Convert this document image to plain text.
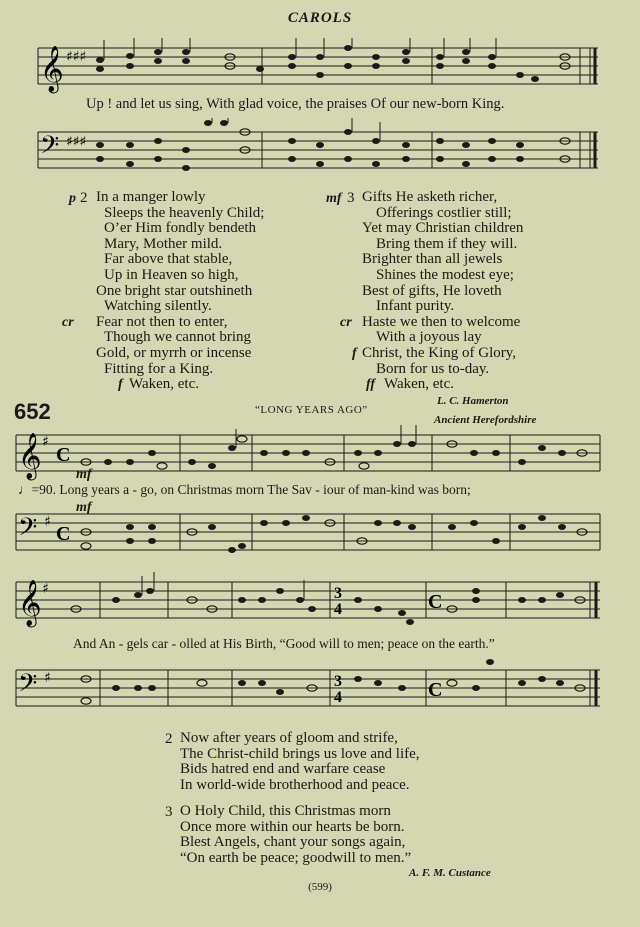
CAROLS
𝄞 ♯♯♯
Up ! and let us sing, With glad voice, the praises Of our new-born King.
𝄢 ♯♯♯
p 2 In a manger lowly
Sleeps the heavenly Child;
O’er Him fondly bendeth
Mary, Mother mild.
Far above that stable,
Up in Heaven so high,
One bright star outshineth
Watching silently.
Fear not then to enter,
Though we cannot bring
Gold, or myrrh or incense
Fitting for a King.
Waken, etc.
cr
f
mf 3 Gifts He asketh richer,
Offerings costlier still;
Yet may Christian children
Bring them if they will.
Brighter than all jewels
Shines the modest eye;
Best of gifts, He loveth
Infant purity.
Haste we then to welcome
With a joyous lay
Christ, the King of Glory,
Born for us to-day.
Waken, etc.
cr
f
ff
L. C. Hamerton
652	“LONG YEARS AGO”
Ancient Herefordshire
𝄞 ♯
C
mf
♩=90. Long years a - go, on Christmas morn The Sav - iour of man-kind was born;
𝄢 ♯
C
mf
𝄞 ♯	3
4	C
And An - gels car - olled at His Birth, “Good will to men; peace on the earth.”
𝄢 ♯	3
4	C
2 Now after years of gloom and strife,
The Christ-child brings us love and life,
Bids hatred end and warfare cease
In world-wide brotherhood and peace.
3 O Holy Child, this Christmas morn
Once more within our hearts be born.
Blest Angels, chant your songs again,
“On earth be peace; goodwill to men.”
A. F. M. Custance
(599)
